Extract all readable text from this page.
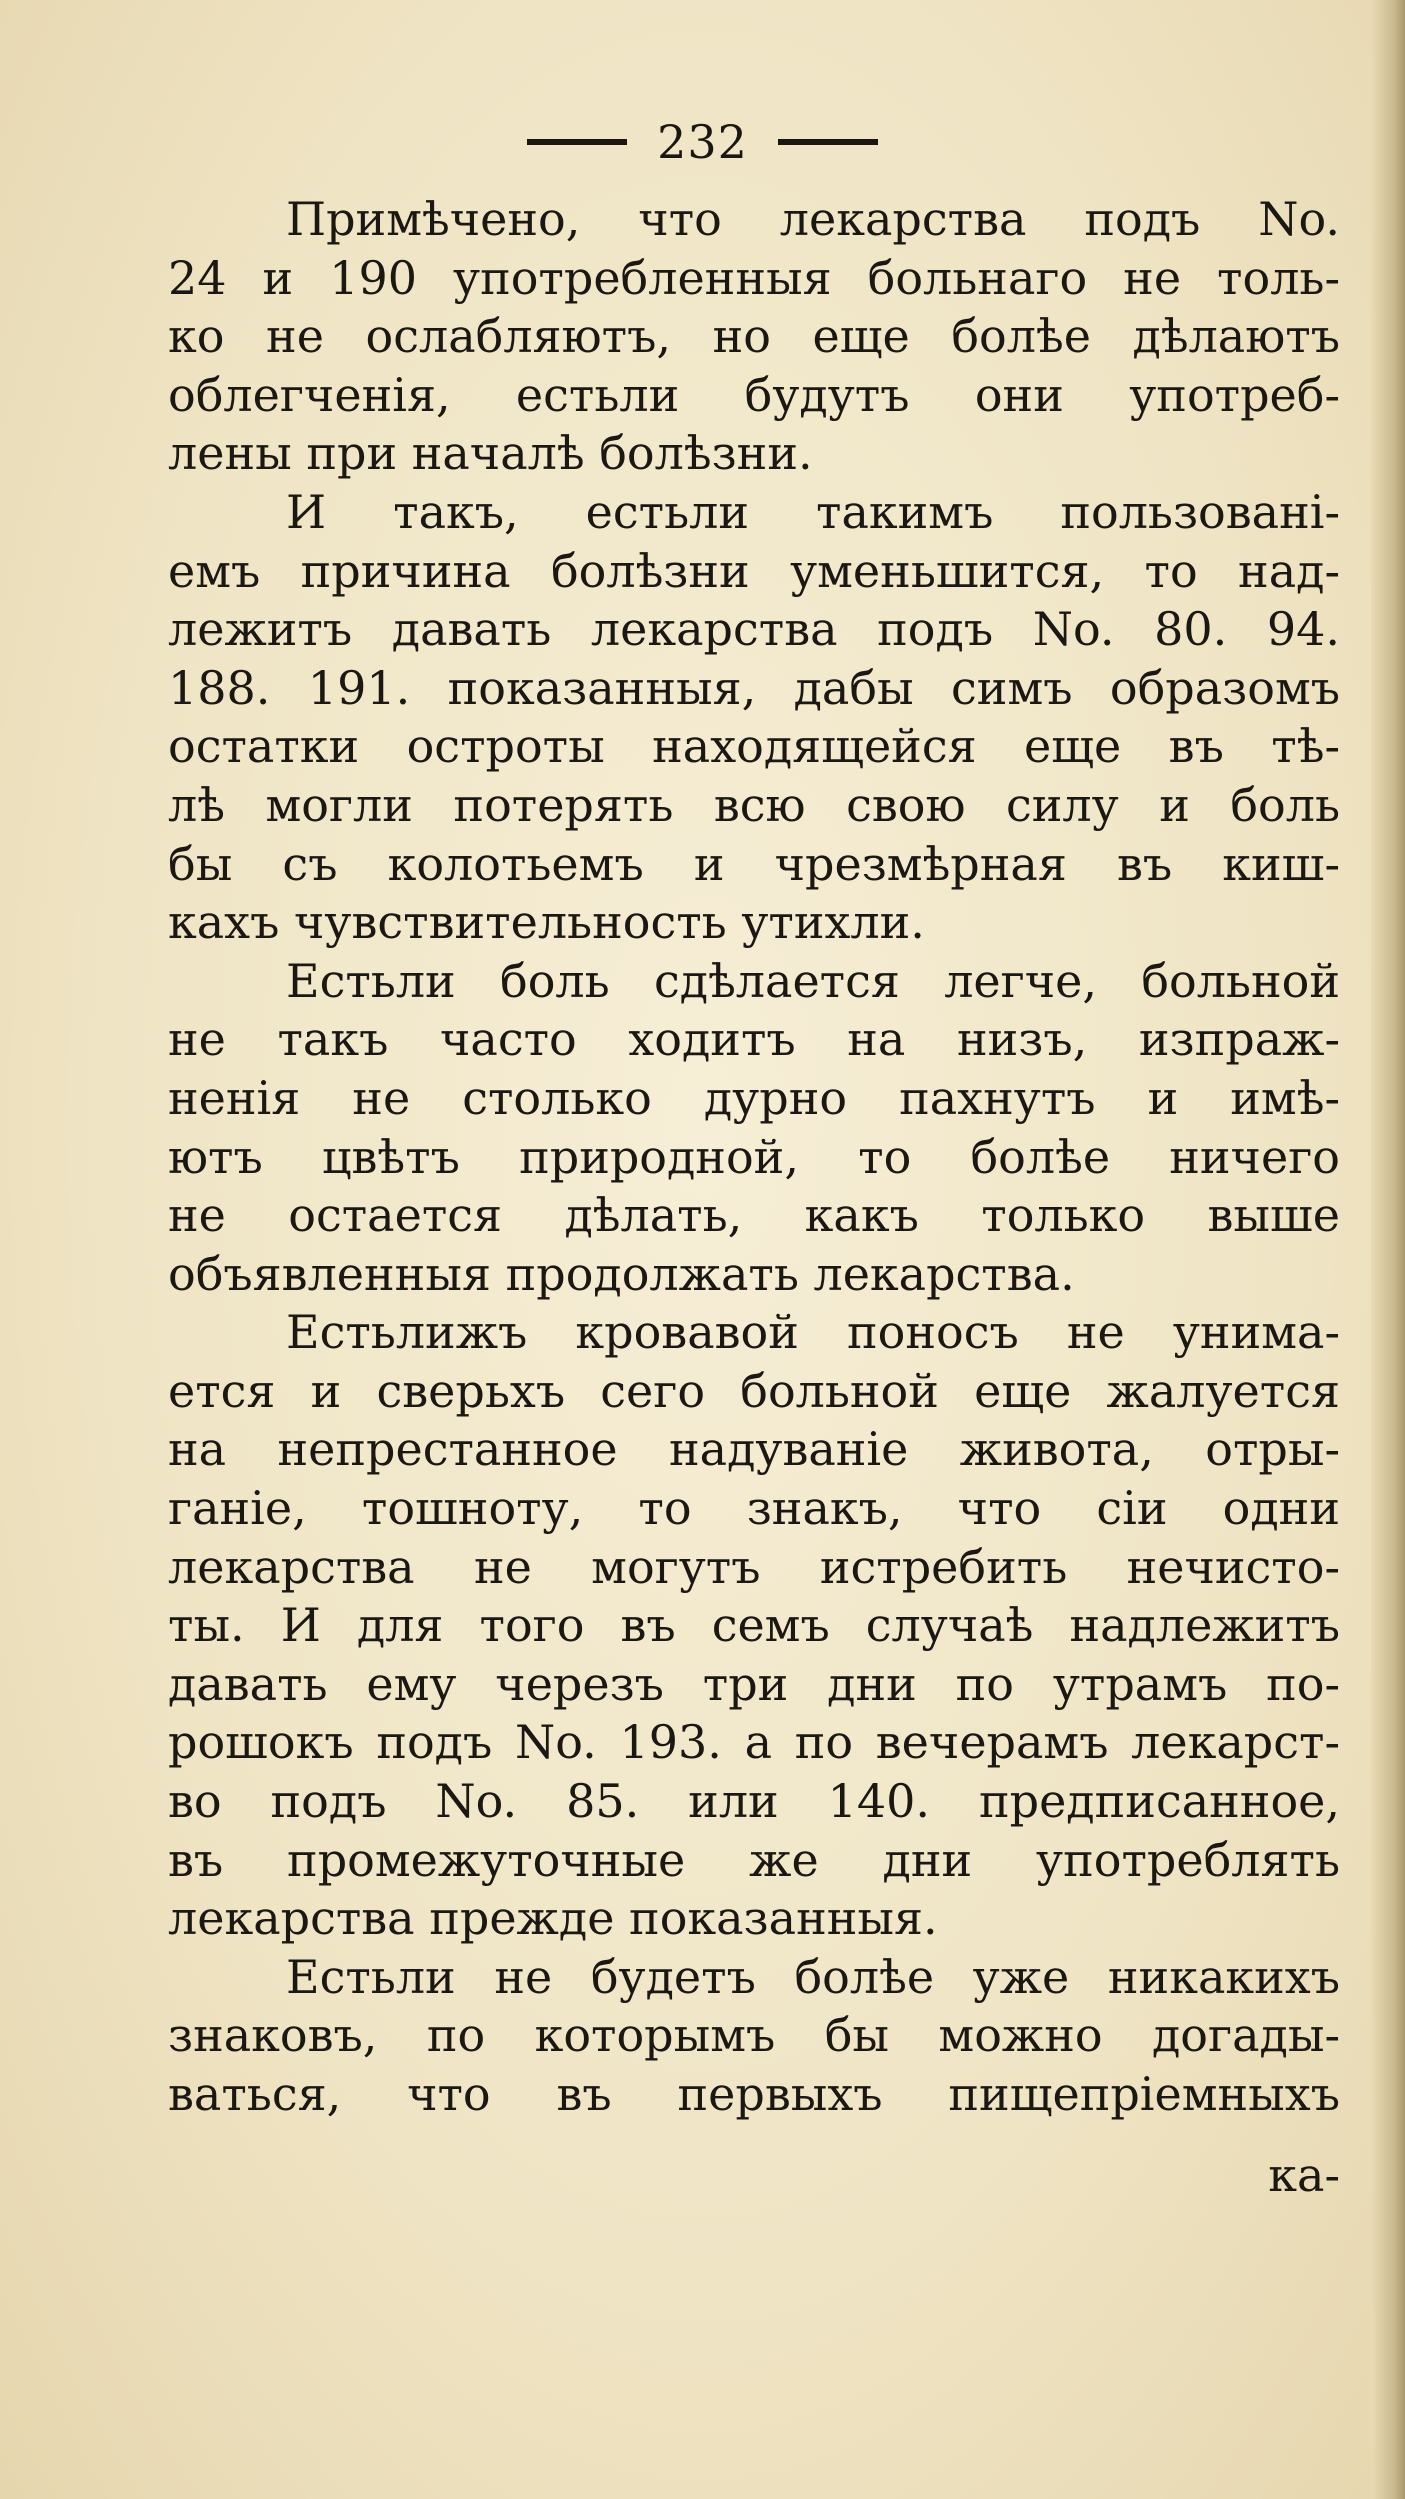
232
Примѣчено, что лекарства подъ No.
24 и 190 употребленныя больнаго не толь-
ко не ослабляютъ, но еще болѣе дѣлаютъ
облегченія, естьли будутъ они употреб-
лены при началѣ болѣзни.
И такъ, естьли такимъ пользовані-
емъ причина болѣзни уменьшится, то над-
лежитъ давать лекарства подъ No. 80. 94.
188. 191. показанныя, дабы симъ образомъ
остатки остроты находящейся еще въ тѣ-
лѣ могли потерять всю свою силу и боль
бы съ колотьемъ и чрезмѣрная въ киш-
кахъ чувствительность утихли.
Естьли боль сдѣлается легче, больной
не такъ часто ходитъ на низъ, изпраж-
ненія не столько дурно пахнутъ и имѣ-
ютъ цвѣтъ природной, то болѣе ничего
не остается дѣлать, какъ только выше
объявленныя продолжать лекарства.
Естьлижъ кровавой поносъ не унима-
ется и сверьхъ сего больной еще жалуется
на непрестанное надуваніе живота, отры-
ганіе, тошноту, то знакъ, что сіи одни
лекарства не могутъ истребить нечисто-
ты. И для того въ семъ случаѣ надлежитъ
давать ему черезъ три дни по утрамъ по-
рошокъ подъ No. 193. а по вечерамъ лекарст-
во подъ No. 85. или 140. предписанное,
въ промежуточные же дни употреблять
лекарства прежде показанныя.
Естьли не будетъ болѣе уже никакихъ
знаковъ, по которымъ бы можно догады-
ваться, что въ первыхъ пищепріемныхъ
ка-
